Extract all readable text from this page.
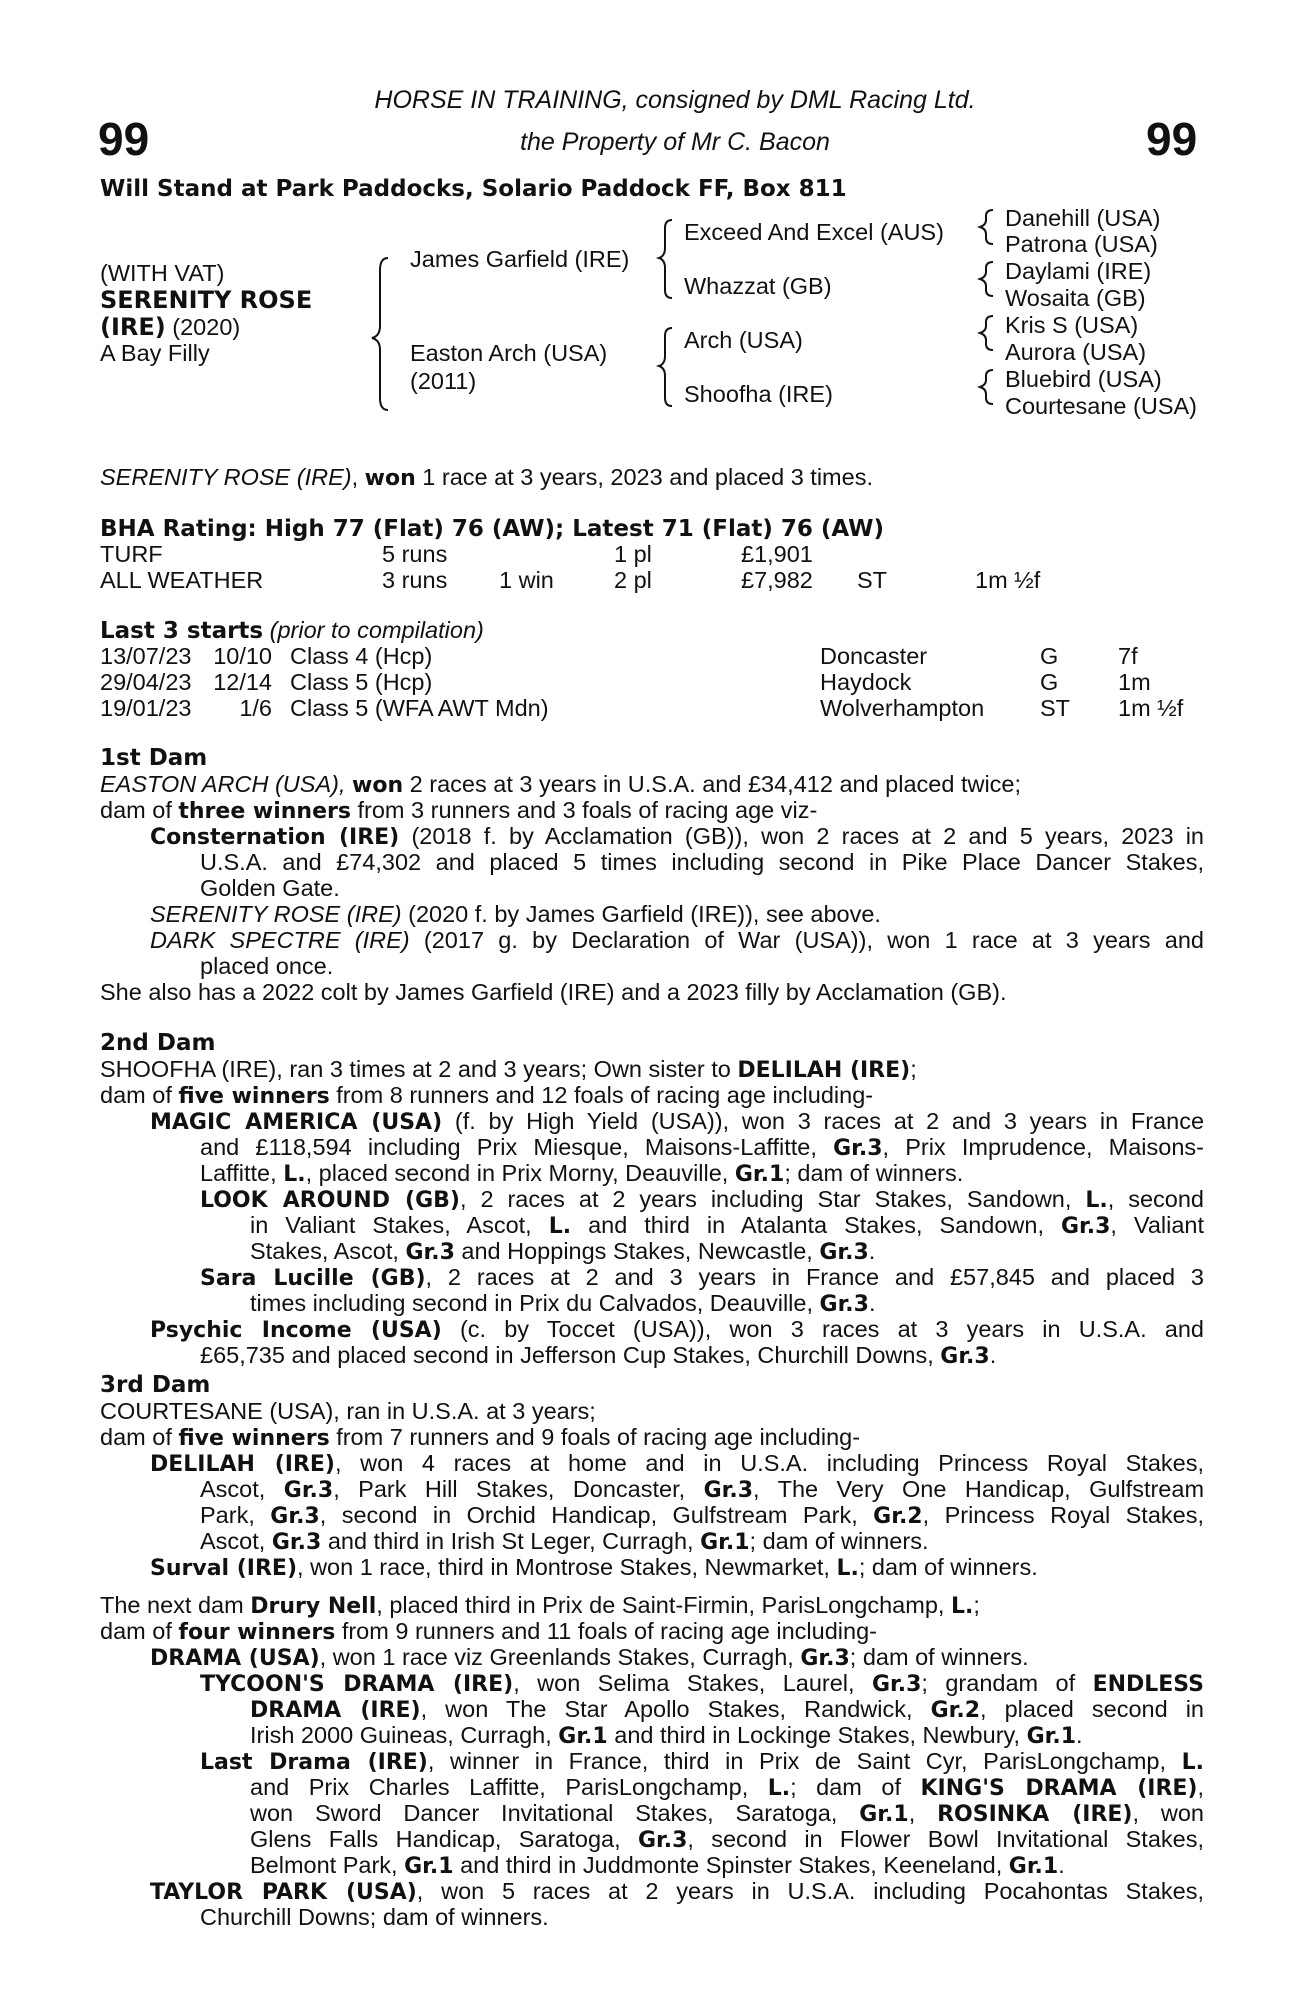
99	99
HORSE IN TRAINING, consigned by DML Racing Ltd.
the Property of Mr C. Bacon
Will Stand at Park Paddocks, Solario Paddock FF, Box 811
(WITH VAT)
SERENITY ROSE
(IRE) (2020)
A Bay Filly
James Garfield (IRE)
Easton Arch (USA)
(2011)
Exceed And Excel (AUS)
Whazzat (GB)
Arch (USA)
Shoofha (IRE)
Danehill (USA)
Patrona (USA)
Daylami (IRE)
Wosaita (GB)
Kris S (USA)
Aurora (USA)
Bluebird (USA)
Courtesane (USA)
SERENITY ROSE (IRE), won 1 race at 3 years, 2023 and placed 3 times.
BHA Rating: High 77 (Flat) 76 (AW); Latest 71 (Flat) 76 (AW)
TURF	5 runs	1 pl	£1,901
ALL WEATHER	3 runs 1 win	2 pl	£7,982 ST	1m ½f
Last 3 starts (prior to compilation)
13/07/23 10/10 Class 4 (Hcp)	Doncaster	G	7f
29/04/23 12/14 Class 5 (Hcp)	Haydock	G	1m
19/01/23	1/6 Class 5 (WFA AWT Mdn)	Wolverhampton ST 1m ½f
1st Dam
EASTON ARCH (USA), won 2 races at 3 years in U.S.A. and £34,412 and placed twice;
dam of three winners from 3 runners and 3 foals of racing age viz-
Consternation (IRE) (2018 f. by Acclamation (GB)), won 2 races at 2 and 5 years, 2023 in
U.S.A. and £74,302 and placed 5 times including second in Pike Place Dancer Stakes,
Golden Gate.
SERENITY ROSE (IRE) (2020 f. by James Garfield (IRE)), see above.
DARK SPECTRE (IRE) (2017 g. by Declaration of War (USA)), won 1 race at 3 years and
placed once.
She also has a 2022 colt by James Garfield (IRE) and a 2023 filly by Acclamation (GB).
2nd Dam
SHOOFHA (IRE), ran 3 times at 2 and 3 years; Own sister to DELILAH (IRE);
dam of five winners from 8 runners and 12 foals of racing age including-
MAGIC AMERICA (USA) (f. by High Yield (USA)), won 3 races at 2 and 3 years in France
and £118,594 including Prix Miesque, Maisons-Laffitte, Gr.3, Prix Imprudence, Maisons-
Laffitte, L., placed second in Prix Morny, Deauville, Gr.1; dam of winners.
LOOK AROUND (GB), 2 races at 2 years including Star Stakes, Sandown, L., second
in Valiant Stakes, Ascot, L. and third in Atalanta Stakes, Sandown, Gr.3, Valiant
Stakes, Ascot, Gr.3 and Hoppings Stakes, Newcastle, Gr.3.
Sara Lucille (GB), 2 races at 2 and 3 years in France and £57,845 and placed 3
times including second in Prix du Calvados, Deauville, Gr.3.
Psychic Income (USA) (c. by Toccet (USA)), won 3 races at 3 years in U.S.A. and
£65,735 and placed second in Jefferson Cup Stakes, Churchill Downs, Gr.3.
3rd Dam
COURTESANE (USA), ran in U.S.A. at 3 years;
dam of five winners from 7 runners and 9 foals of racing age including-
DELILAH (IRE), won 4 races at home and in U.S.A. including Princess Royal Stakes,
Ascot, Gr.3, Park Hill Stakes, Doncaster, Gr.3, The Very One Handicap, Gulfstream
Park, Gr.3, second in Orchid Handicap, Gulfstream Park, Gr.2, Princess Royal Stakes,
Ascot, Gr.3 and third in Irish St Leger, Curragh, Gr.1; dam of winners.
Surval (IRE), won 1 race, third in Montrose Stakes, Newmarket, L.; dam of winners.
The next dam Drury Nell, placed third in Prix de Saint-Firmin, ParisLongchamp, L.;
dam of four winners from 9 runners and 11 foals of racing age including-
DRAMA (USA), won 1 race viz Greenlands Stakes, Curragh, Gr.3; dam of winners.
TYCOON'S DRAMA (IRE), won Selima Stakes, Laurel, Gr.3; grandam of ENDLESS
DRAMA (IRE), won The Star Apollo Stakes, Randwick, Gr.2, placed second in
Irish 2000 Guineas, Curragh, Gr.1 and third in Lockinge Stakes, Newbury, Gr.1.
Last Drama (IRE), winner in France, third in Prix de Saint Cyr, ParisLongchamp, L.
and Prix Charles Laffitte, ParisLongchamp, L.; dam of KING'S DRAMA (IRE),
won Sword Dancer Invitational Stakes, Saratoga, Gr.1, ROSINKA (IRE), won
Glens Falls Handicap, Saratoga, Gr.3, second in Flower Bowl Invitational Stakes,
Belmont Park, Gr.1 and third in Juddmonte Spinster Stakes, Keeneland, Gr.1.
TAYLOR PARK (USA), won 5 races at 2 years in U.S.A. including Pocahontas Stakes,
Churchill Downs; dam of winners.
